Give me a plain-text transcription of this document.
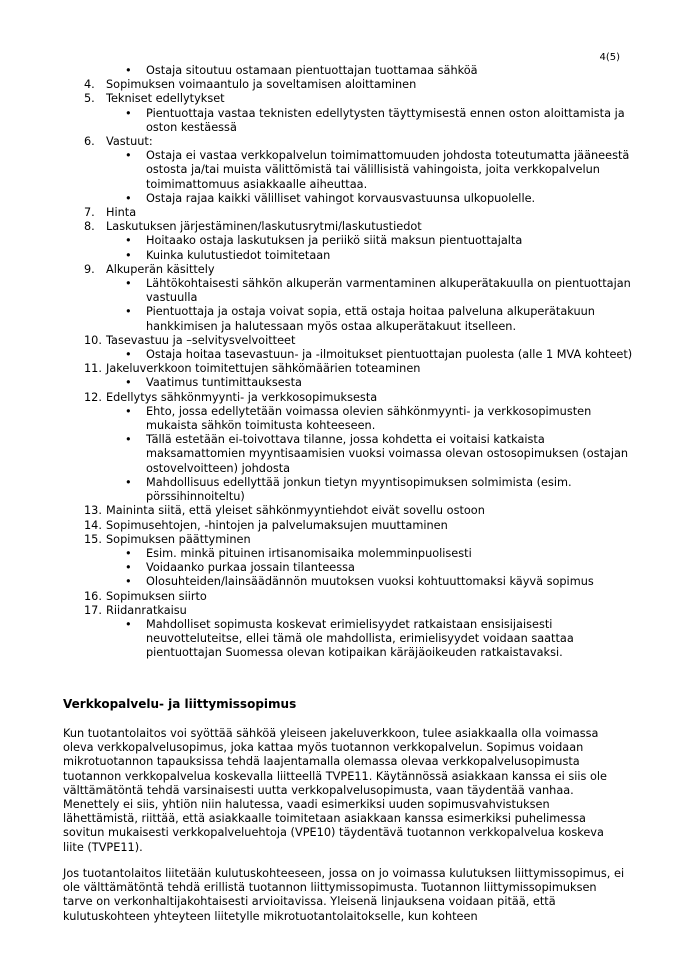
4(5)
• Ostaja sitoutuu ostamaan pientuottajan tuottamaa sähköä
4. Sopimuksen voimaantulo ja soveltamisen aloittaminen
5. Tekniset edellytykset
• Pientuottaja vastaa teknisten edellytysten täyttymisestä ennen oston aloittamista ja oston kestäessä
6. Vastuut:
• Ostaja ei vastaa verkkopalvelun toimimattomuuden johdosta toteutumatta jääneestä ostosta ja/tai muista välittömistä tai välillisistä vahingoista, joita verkkopalvelun toimimattomuus asiakkaalle aiheuttaa.
• Ostaja rajaa kaikki välilliset vahingot korvausvastuunsa ulkopuolelle.
7. Hinta
8. Laskutuksen järjestäminen/laskutusrytmi/laskutustiedot
• Hoitaako ostaja laskutuksen ja periikö siitä maksun pientuottajalta
• Kuinka kulutustiedot toimitetaan
9. Alkuperän käsittely
• Lähtökohtaisesti sähkön alkuperän varmentaminen alkuperätakuulla on pientuottajan vastuulla
• Pientuottaja ja ostaja voivat sopia, että ostaja hoitaa palveluna alkuperätakuun hankkimisen ja halutessaan myös ostaa alkuperätakuut itselleen.
10. Tasevastuu ja –selvitysvelvoitteet
• Ostaja hoitaa tasevastuun- ja -ilmoitukset pientuottajan puolesta (alle 1 MVA kohteet)
11. Jakeluverkkoon toimitettujen sähkömäärien toteaminen
• Vaatimus tuntimittauksesta
12. Edellytys sähkönmyynti- ja verkkosopimuksesta
• Ehto, jossa edellytetään voimassa olevien sähkönmyynti- ja verkkosopimusten mukaista sähkön toimitusta kohteeseen.
• Tällä estetään ei-toivottava tilanne, jossa kohdetta ei voitaisi katkaista maksamattomien myyntisaamisien vuoksi voimassa olevan ostosopimuksen (ostajan ostovelvoitteen) johdosta
• Mahdollisuus edellyttää jonkun tietyn myyntisopimuksen solmimista (esim. pörssihinnoiteltu)
13. Maininta siitä, että yleiset sähkönmyyntiehdot eivät sovellu ostoon
14. Sopimusehtojen, -hintojen ja palvelumaksujen muuttaminen
15. Sopimuksen päättyminen
• Esim. minkä pituinen irtisanomisaika molemminpuolisesti
• Voidaanko purkaa jossain tilanteessa
• Olosuhteiden/lainsäädännön muutoksen vuoksi kohtuuttomaksi käyvä sopimus
16. Sopimuksen siirto
17. Riidanratkaisu
• Mahdolliset sopimusta koskevat erimielisyydet ratkaistaan ensisijaisesti neuvotteluteitse, ellei tämä ole mahdollista, erimielisyydet voidaan saattaa pientuottajan Suomessa olevan kotipaikan käräjäoikeuden ratkaistavaksi.
Verkkopalvelu- ja liittymissopimus

Kun tuotantolaitos voi syöttää sähköä yleiseen jakeluverkkoon, tulee asiakkaalla olla voimassa oleva verkkopalvelusopimus, joka kattaa myös tuotannon verkkopalvelun. Sopimus voidaan mikrotuotannon tapauksissa tehdä laajentamalla olemassa olevaa verkkopalvelusopimusta tuotannon verkkopalvelua koskevalla liitteellä TVPE11. Käytännössä asiakkaan kanssa ei siis ole välttämätöntä tehdä varsinaisesti uutta verkkopalvelusopimusta, vaan täydentää vanhaa. Menettely ei siis, yhtiön niin halutessa, vaadi esimerkiksi uuden sopimusvahvistuksen lähettämistä, riittää, että asiakkaalle toimitetaan asiakkaan kanssa esimerkiksi puhelimessa sovitun mukaisesti verkkopalveluehtoja (VPE10) täydentävä tuotannon verkkopalvelua koskeva liite (TVPE11).

Jos tuotantolaitos liitetään kulutuskohteeseen, jossa on jo voimassa kulutuksen liittymissopimus, ei ole välttämätöntä tehdä erillistä tuotannon liittymissopimusta. Tuotannon liittymissopimuksen tarve on verkonhaltijakohtaisesti arvioitavissa. Yleisenä linjauksena voidaan pitää, että kulutuskohteen yhteyteen liitetylle mikrotuotantolaitokselle, kun kohteen
